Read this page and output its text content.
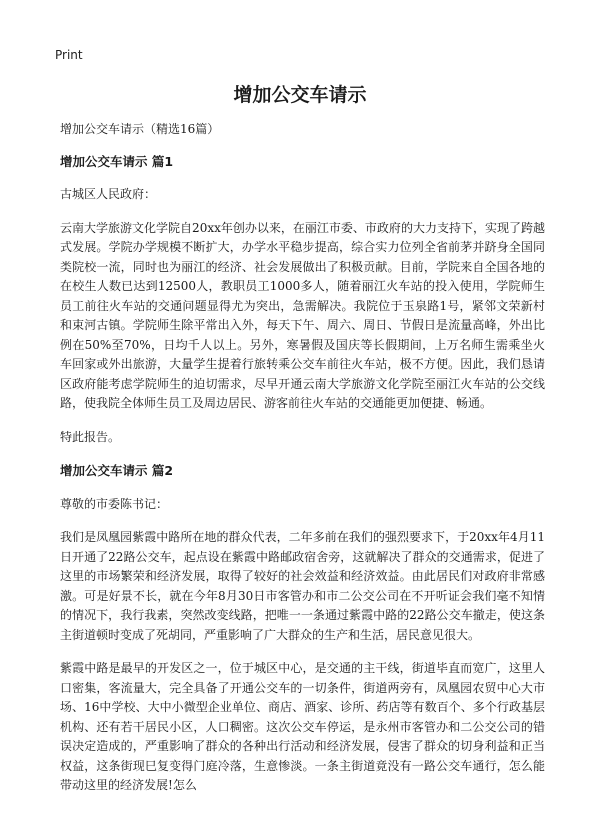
Print
增加公交车请示

增加公交车请示（精选16篇）

增加公交车请示 篇1

古城区人民政府：

云南大学旅游文化学院自20xx年创办以来，在丽江市委、市政府的大力支持下，实现了跨越式发展。学院办学规模不断扩大，办学水平稳步提高，综合实力位列全省前茅并跻身全国同类院校一流，同时也为丽江的经济、社会发展做出了积极贡献。目前，学院来自全国各地的在校生人数已达到12500人，教职员工1000多人，随着丽江火车站的投入使用，学院师生员工前往火车站的交通问题显得尤为突出，急需解决。我院位于玉泉路1号，紧邻文荣新村和束河古镇。学院师生除平常出入外，每天下午、周六、周日、节假日是流量高峰，外出比例在50%至70%，日均千人以上。另外，寒暑假及国庆等长假期间，上万名师生需乘坐火车回家或外出旅游，大量学生提着行旅转乘公交车前往火车站，极不方便。因此，我们恳请区政府能考虑学院师生的迫切需求，尽早开通云南大学旅游文化学院至丽江火车站的公交线路，使我院全体师生员工及周边居民、游客前往火车站的交通能更加便捷、畅通。

特此报告。

增加公交车请示 篇2

尊敬的市委陈书记：

我们是凤凰园紫霞中路所在地的群众代表，二年多前在我们的强烈要求下，于20xx年4月11日开通了22路公交车，起点设在紫霞中路邮政宿舍旁，这就解决了群众的交通需求，促进了这里的市场繁荣和经济发展，取得了较好的社会效益和经济效益。由此居民们对政府非常感激。可是好景不长，就在今年8月30日市客管办和市二公交公司在不开听证会我们毫不知情的情况下，我行我素，突然改变线路，把唯一一条通过紫霞中路的22路公交车撤走，使这条主街道顿时变成了死胡同，严重影响了广大群众的生产和生活，居民意见很大。

紫霞中路是最早的开发区之一，位于城区中心，是交通的主干线，街道毕直而宽广，这里人口密集，客流量大，完全具备了开通公交车的一切条件，街道两旁有，凤凰园农贸中心大市场、16中学校、大中小微型企业单位、商店、酒家、诊所、药店等有数百个、多个行政基层机构、还有若干居民小区，人口稠密。这次公交车停运，是永州市客管办和二公交公司的错误决定造成的，严重影响了群众的各种出行活动和经济发展，侵害了群众的切身利益和正当权益，这条街现巳复变得门庭冷落，生意惨淡。一条主街道竟没有一路公交车通行，怎么能带动这里的经济发展!怎么
